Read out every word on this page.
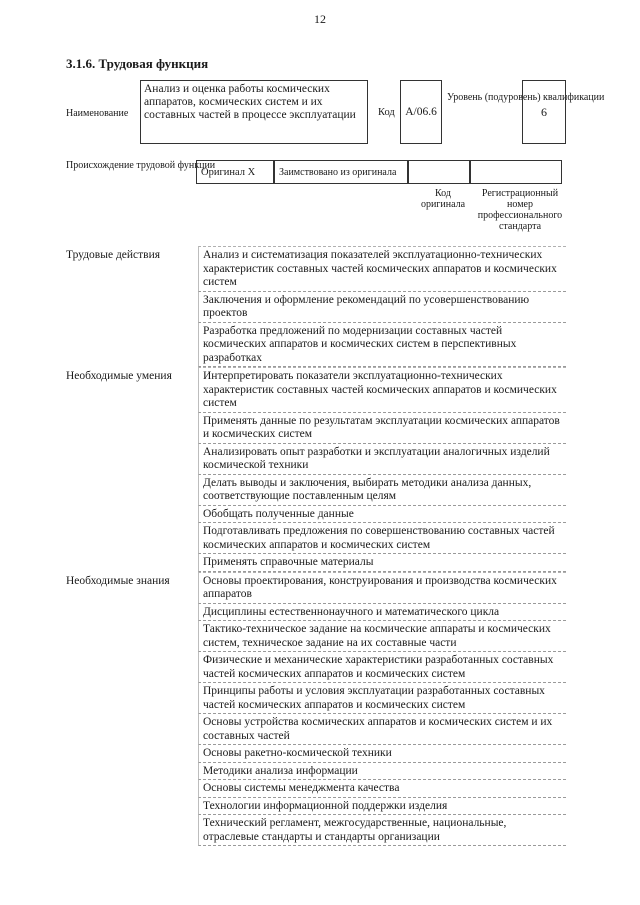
12
3.1.6. Трудовая функция
Наименование
Анализ и оценка работы космических аппаратов, космических систем и их составных частей в процессе эксплуатации	Код А/06.6
Уровень (подуровень) квалификации
6
Происхождение трудовой функции
Оригинал Х	Заимствовано из оригинала
Код оригинала
Регистрационный номер профессионального стандарта
Трудовые действия	Анализ и систематизация показателей эксплуатационно-технических характеристик составных частей космических аппаратов и космических систем
Заключения и оформление рекомендаций по усовершенствованию проектов
Разработка предложений по модернизации составных частей космических аппаратов и космических систем в перспективных разработках
Необходимые умения	Интерпретировать показатели эксплуатационно-технических характеристик составных частей космических аппаратов и космических систем
Применять данные по результатам эксплуатации космических аппаратов и космических систем
Анализировать опыт разработки и эксплуатации аналогичных изделий космической техники
Делать выводы и заключения, выбирать методики анализа данных, соответствующие поставленным целям
Обобщать полученные данные
Подготавливать предложения по совершенствованию составных частей космических аппаратов и космических систем
Применять справочные материалы
Необходимые знания	Основы проектирования, конструирования и производства космических аппаратов
Дисциплины естественнонаучного и математического цикла
Тактико-техническое задание на космические аппараты и космических систем, техническое задание на их составные части
Физические и механические характеристики разработанных составных частей космических аппаратов и космических систем
Принципы работы и условия эксплуатации разработанных составных частей космических аппаратов и космических систем
Основы устройства космических аппаратов и космических систем и их составных частей
Основы ракетно-космической техники
Методики анализа информации
Основы системы менеджмента качества
Технологии информационной поддержки изделия
Технический регламент, межгосударственные, национальные, отраслевые стандарты и стандарты организации
